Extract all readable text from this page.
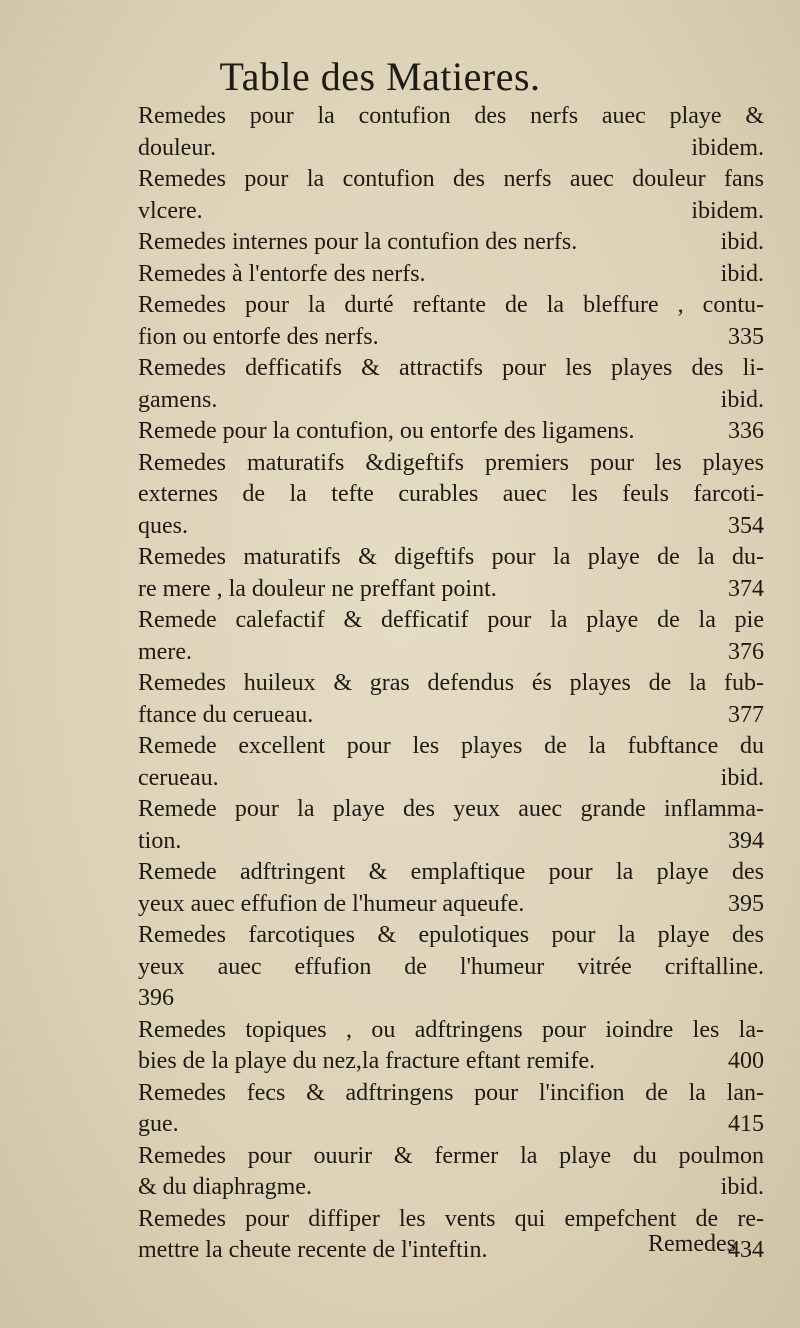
Table des Matieres.
Remedes pour la contufion des nerfs auec playe &
douleur.	ibidem.
Remedes pour la contufion des nerfs auec douleur fans
vlcere.	ibidem.
Remedes internes pour la contufion des nerfs.	ibid.
Remedes à l'entorfe des nerfs.	ibid.
Remedes pour la durté reftante de la bleffure , contu-
fion ou entorfe des nerfs.	335
Remedes defficatifs & attractifs pour les playes des li-
gamens.	ibid.
Remede pour la contufion, ou entorfe des ligamens.	336
Remedes maturatifs &digeftifs premiers pour les playes
externes de la tefte curables auec les feuls farcoti-
ques.	354
Remedes maturatifs & digeftifs pour la playe de la du-
re mere , la douleur ne preffant point.	374
Remede calefactif & defficatif pour la playe de la pie
mere.	376
Remedes huileux & gras defendus és playes de la fub-
ftance du cerueau.	377
Remede excellent pour les playes de la fubftance du
cerueau.	ibid.
Remede pour la playe des yeux auec grande inflamma-
tion.	394
Remede adftringent & emplaftique pour la playe des
yeux auec effufion de l'humeur aqueufe.	395
Remedes farcotiques & epulotiques pour la playe des
yeux auec effufion de l'humeur vitrée criftalline.
396
Remedes topiques , ou adftringens pour ioindre les la-
bies de la playe du nez,la fracture eftant remife.	400
Remedes fecs & adftringens pour l'incifion de la lan-
gue.	415
Remedes pour ouurir & fermer la playe du poulmon
& du diaphragme.	ibid.
Remedes pour diffiper les vents qui empefchent de re-
mettre la cheute recente de l'inteftin.	434
Remedes
